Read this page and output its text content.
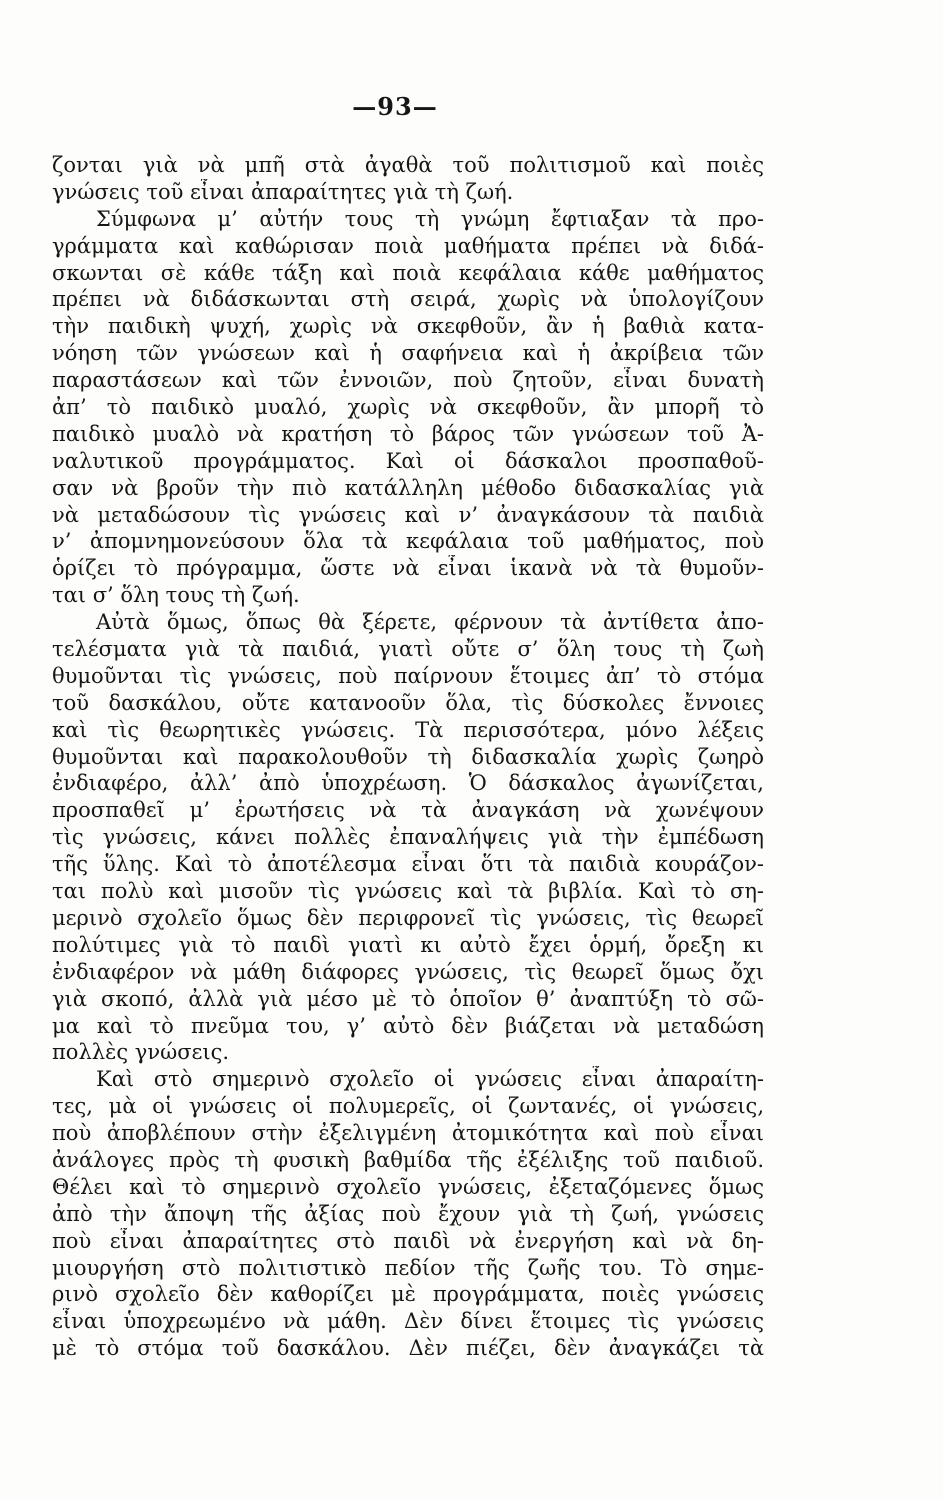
—93—
ζονται γιὰ νὰ μπῆ στὰ ἀγαθὰ τοῦ πολιτισμοῦ καὶ ποιὲς
γνώσεις τοῦ εἶναι ἀπαραίτητες γιὰ τὴ ζωή.
Σύμφωνα μ’ αὐτήν τους τὴ γνώμη ἔφτιαξαν τὰ προ-
γράμματα καὶ καθώρισαν ποιὰ μαθήματα πρέπει νὰ διδά-
σκωνται σὲ κάθε τάξη καὶ ποιὰ κεφάλαια κάθε μαθήματος
πρέπει νὰ διδάσκωνται στὴ σειρά, χωρὶς νὰ ὑπολογίζουν
τὴν παιδικὴ ψυχή, χωρὶς νὰ σκεφθοῦν, ἂν ἡ βαθιὰ κατα-
νόηση τῶν γνώσεων καὶ ἡ σαφήνεια καὶ ἡ ἀκρίβεια τῶν
παραστάσεων καὶ τῶν ἐννοιῶν, ποὺ ζητοῦν, εἶναι δυνατὴ
ἀπ’ τὸ παιδικὸ μυαλό, χωρὶς νὰ σκεφθοῦν, ἂν μπορῆ τὸ
παιδικὸ μυαλὸ νὰ κρατήση τὸ βάρος τῶν γνώσεων τοῦ Ἀ-
ναλυτικοῦ προγράμματος. Καὶ οἱ δάσκαλοι προσπαθοῦ-
σαν νὰ βροῦν τὴν πιὸ κατάλληλη μέθοδο διδασκαλίας γιὰ
νὰ μεταδώσουν τὶς γνώσεις καὶ ν’ ἀναγκάσουν τὰ παιδιὰ
ν’ ἀπομνημονεύσουν ὅλα τὰ κεφάλαια τοῦ μαθήματος, ποὺ
ὁρίζει τὸ πρόγραμμα, ὥστε νὰ εἶναι ἱκανὰ νὰ τὰ θυμοῦν-
ται σ’ ὅλη τους τὴ ζωή.
Αὐτὰ ὅμως, ὅπως θὰ ξέρετε, φέρνουν τὰ ἀντίθετα ἀπο-
τελέσματα γιὰ τὰ παιδιά, γιατὶ οὔτε σ’ ὅλη τους τὴ ζωὴ
θυμοῦνται τὶς γνώσεις, ποὺ παίρνουν ἕτοιμες ἀπ’ τὸ στόμα
τοῦ δασκάλου, οὔτε κατανοοῦν ὅλα, τὶς δύσκολες ἔννοιες
καὶ τὶς θεωρητικὲς γνώσεις. Τὰ περισσότερα, μόνο λέξεις
θυμοῦνται καὶ παρακολουθοῦν τὴ διδασκαλία χωρὶς ζωηρὸ
ἐνδιαφέρο, ἀλλ’ ἀπὸ ὑποχρέωση. Ὁ δάσκαλος ἀγωνίζεται,
προσπαθεῖ μ’ ἐρωτήσεις νὰ τὰ ἀναγκάση νὰ χωνέψουν
τὶς γνώσεις, κάνει πολλὲς ἐπαναλήψεις γιὰ τὴν ἐμπέδωση
τῆς ὕλης. Καὶ τὸ ἀποτέλεσμα εἶναι ὅτι τὰ παιδιὰ κουράζον-
ται πολὺ καὶ μισοῦν τὶς γνώσεις καὶ τὰ βιβλία. Καὶ τὸ ση-
μερινὸ σχολεῖο ὅμως δὲν περιφρονεῖ τὶς γνώσεις, τὶς θεωρεῖ
πολύτιμες γιὰ τὸ παιδὶ γιατὶ κι αὐτὸ ἔχει ὁρμή, ὄρεξη κι
ἐνδιαφέρον νὰ μάθη διάφορες γνώσεις, τὶς θεωρεῖ ὅμως ὄχι
γιὰ σκοπό, ἀλλὰ γιὰ μέσο μὲ τὸ ὁποῖον θ’ ἀναπτύξη τὸ σῶ-
μα καὶ τὸ πνεῦμα του, γ’ αὐτὸ δὲν βιάζεται νὰ μεταδώση
πολλὲς γνώσεις.
Καὶ στὸ σημερινὸ σχολεῖο οἱ γνώσεις εἶναι ἀπαραίτη-
τες, μὰ οἱ γνώσεις οἱ πολυμερεῖς, οἱ ζωντανές, οἱ γνώσεις,
ποὺ ἀποβλέπουν στὴν ἐξελιγμένη ἀτομικότητα καὶ ποὺ εἶναι
ἀνάλογες πρὸς τὴ φυσικὴ βαθμίδα τῆς ἐξέλιξης τοῦ παιδιοῦ.
Θέλει καὶ τὸ σημερινὸ σχολεῖο γνώσεις, ἐξεταζόμενες ὅμως
ἀπὸ τὴν ἄποψη τῆς ἀξίας ποὺ ἔχουν γιὰ τὴ ζωή, γνώσεις
ποὺ εἶναι ἀπαραίτητες στὸ παιδὶ νὰ ἐνεργήση καὶ νὰ δη-
μιουργήση στὸ πολιτιστικὸ πεδίον τῆς ζωῆς του. Τὸ σημε-
ρινὸ σχολεῖο δὲν καθορίζει μὲ προγράμματα, ποιὲς γνώσεις
εἶναι ὑποχρεωμένο νὰ μάθη. Δὲν δίνει ἕτοιμες τὶς γνώσεις
μὲ τὸ στόμα τοῦ δασκάλου. Δὲν πιέζει, δὲν ἀναγκάζει τὰ
